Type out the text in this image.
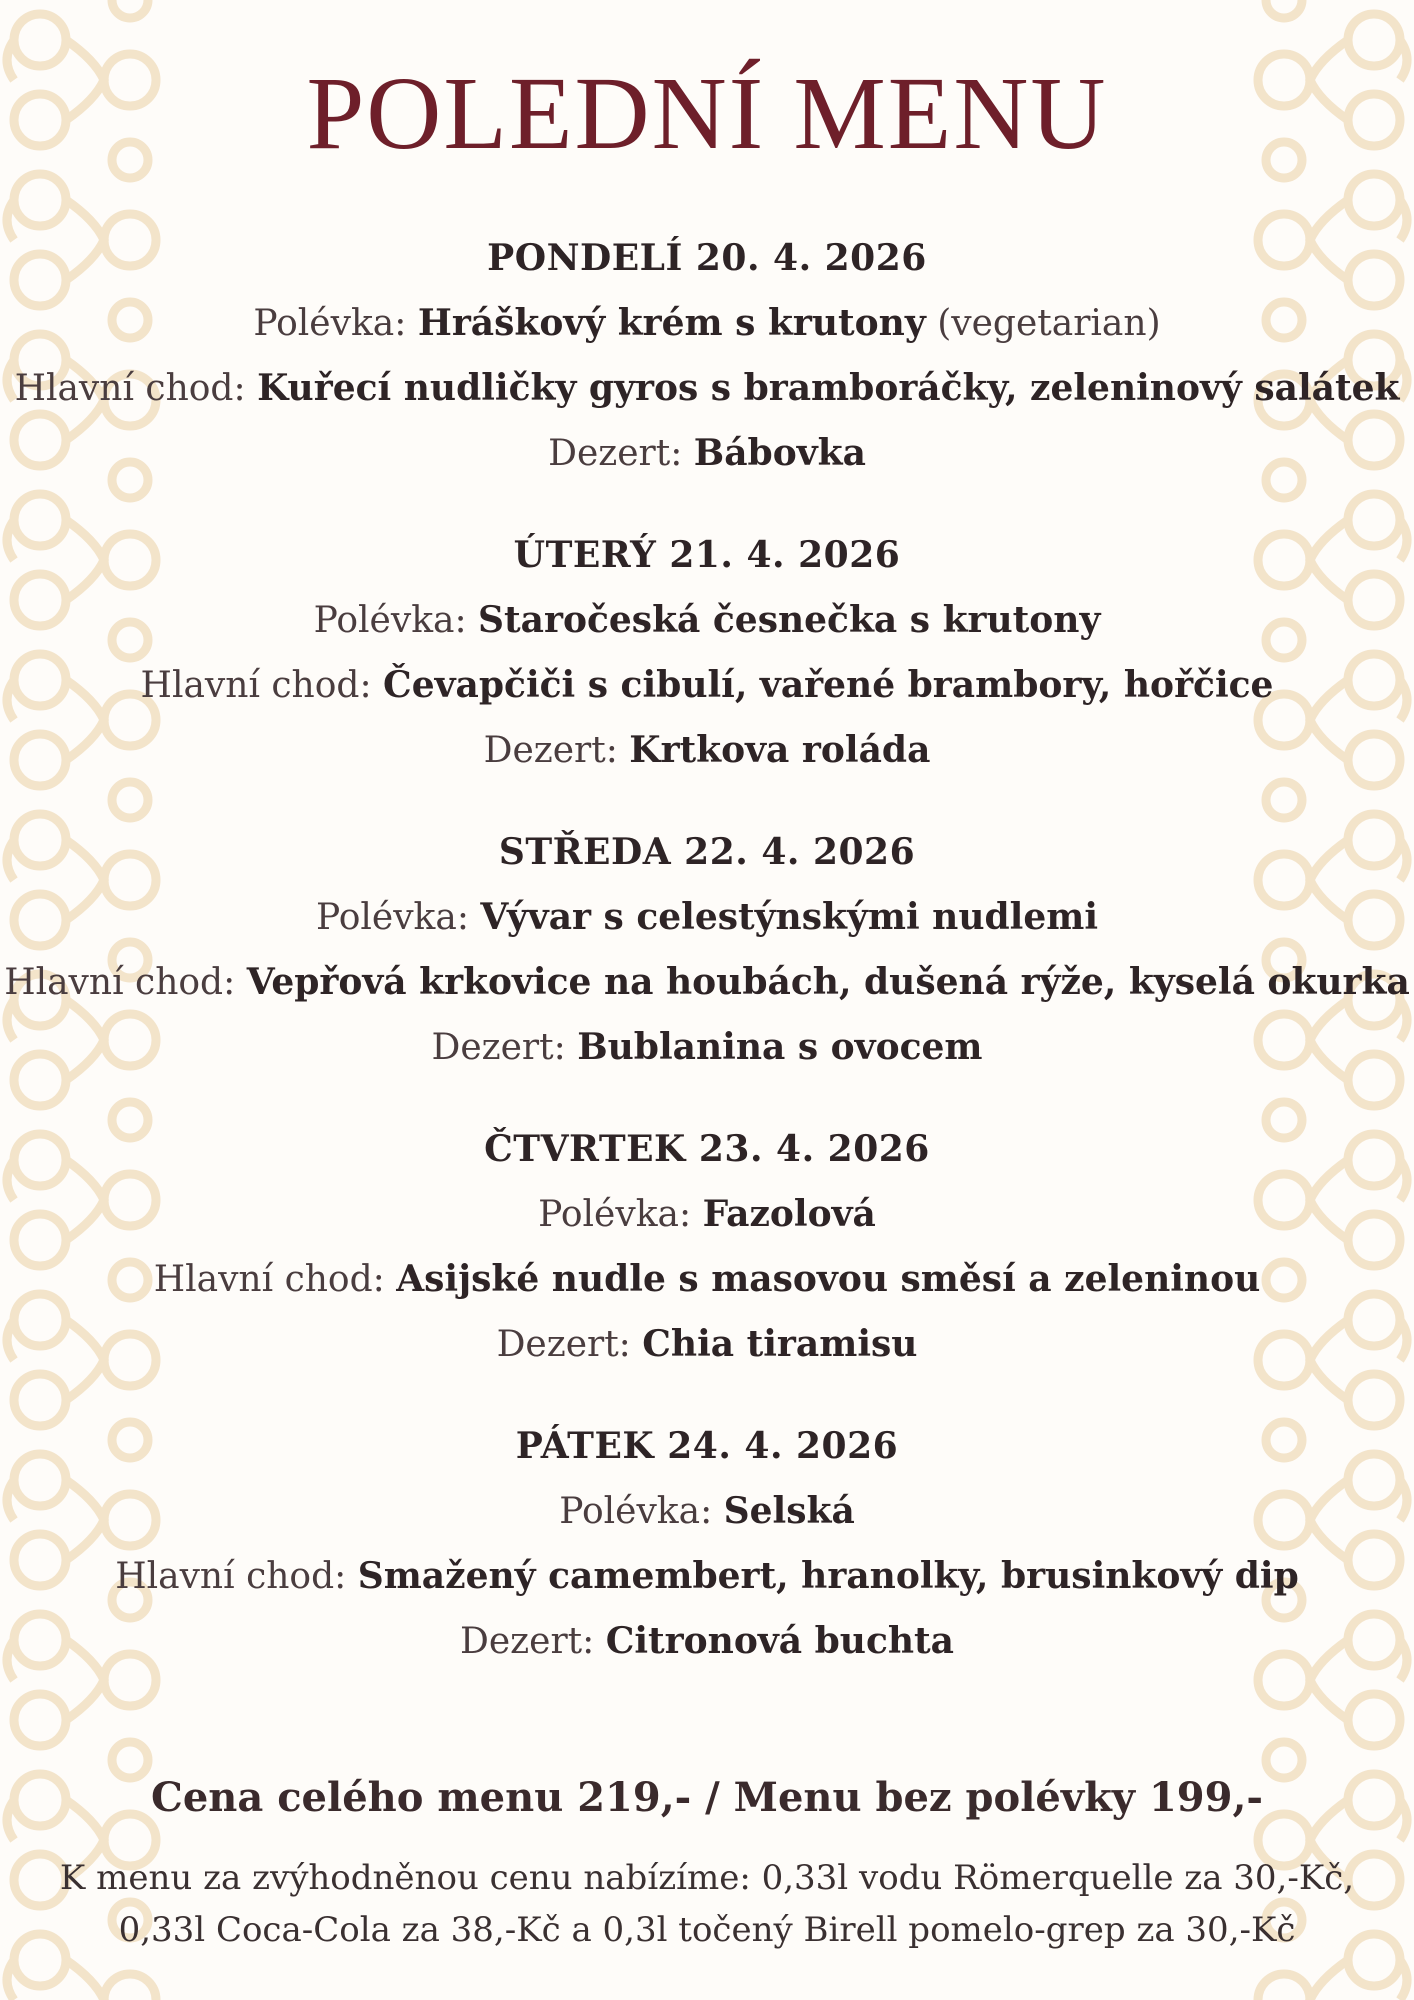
POLEDNÍ MENU
PONDELÍ 20. 4. 2026
Polévka: Hráškový krém s krutony (vegetarian)
Hlavní chod: Kuřecí nudličky gyros s bramboráčky, zeleninový salátek
Dezert: Bábovka
ÚTERÝ 21. 4. 2026
Polévka: Staročeská česnečka s krutony
Hlavní chod: Čevapčiči s cibulí, vařené brambory, hořčice
Dezert: Krtkova roláda
STŘEDA 22. 4. 2026
Polévka: Vývar s celestýnskými nudlemi
Hlavní chod: Vepřová krkovice na houbách, dušená rýže, kyselá okurka
Dezert: Bublanina s ovocem
ČTVRTEK 23. 4. 2026
Polévka: Fazolová
Hlavní chod: Asijské nudle s masovou směsí a zeleninou
Dezert: Chia tiramisu
PÁTEK 24. 4. 2026
Polévka: Selská
Hlavní chod: Smažený camembert, hranolky, brusinkový dip
Dezert: Citronová buchta
Cena celého menu 219,- / Menu bez polévky 199,-
K menu za zvýhodněnou cenu nabízíme: 0,33l vodu Römerquelle za 30,-Kč,
0,33l Coca-Cola za 38,-Kč a 0,3l točený Birell pomelo-grep za 30,-Kč
